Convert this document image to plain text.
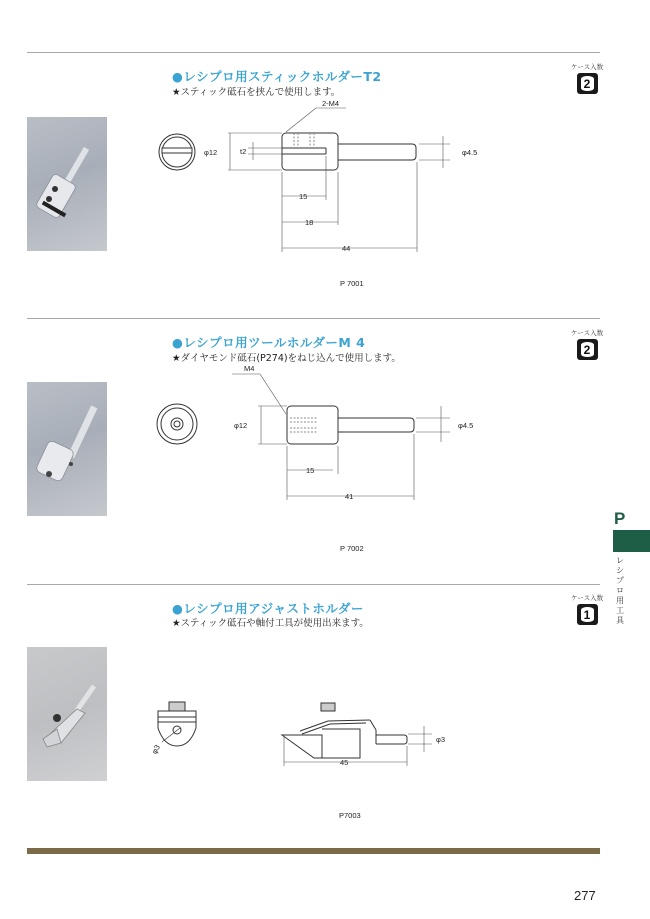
●レシプロ用スティックホルダーT2
★スティック砥石を挟んで使用します。
ケース入数
2
2-M4
φ12	t2	φ4.5
15
18
44
P 7001
●レシプロ用ツールホルダーM 4
★ダイヤモンド砥石(P274)をねじ込んで使用します。
ケース入数
2
M4
φ12	φ4.5
15
41
P 7002
●レシプロ用アジャストホルダー
★スティック砥石や軸付工具が使用出来ます。
ケース入数
1
φ3
φ3
45
P7003
P
レ
シ
プ
ロ
用
工
具
277
